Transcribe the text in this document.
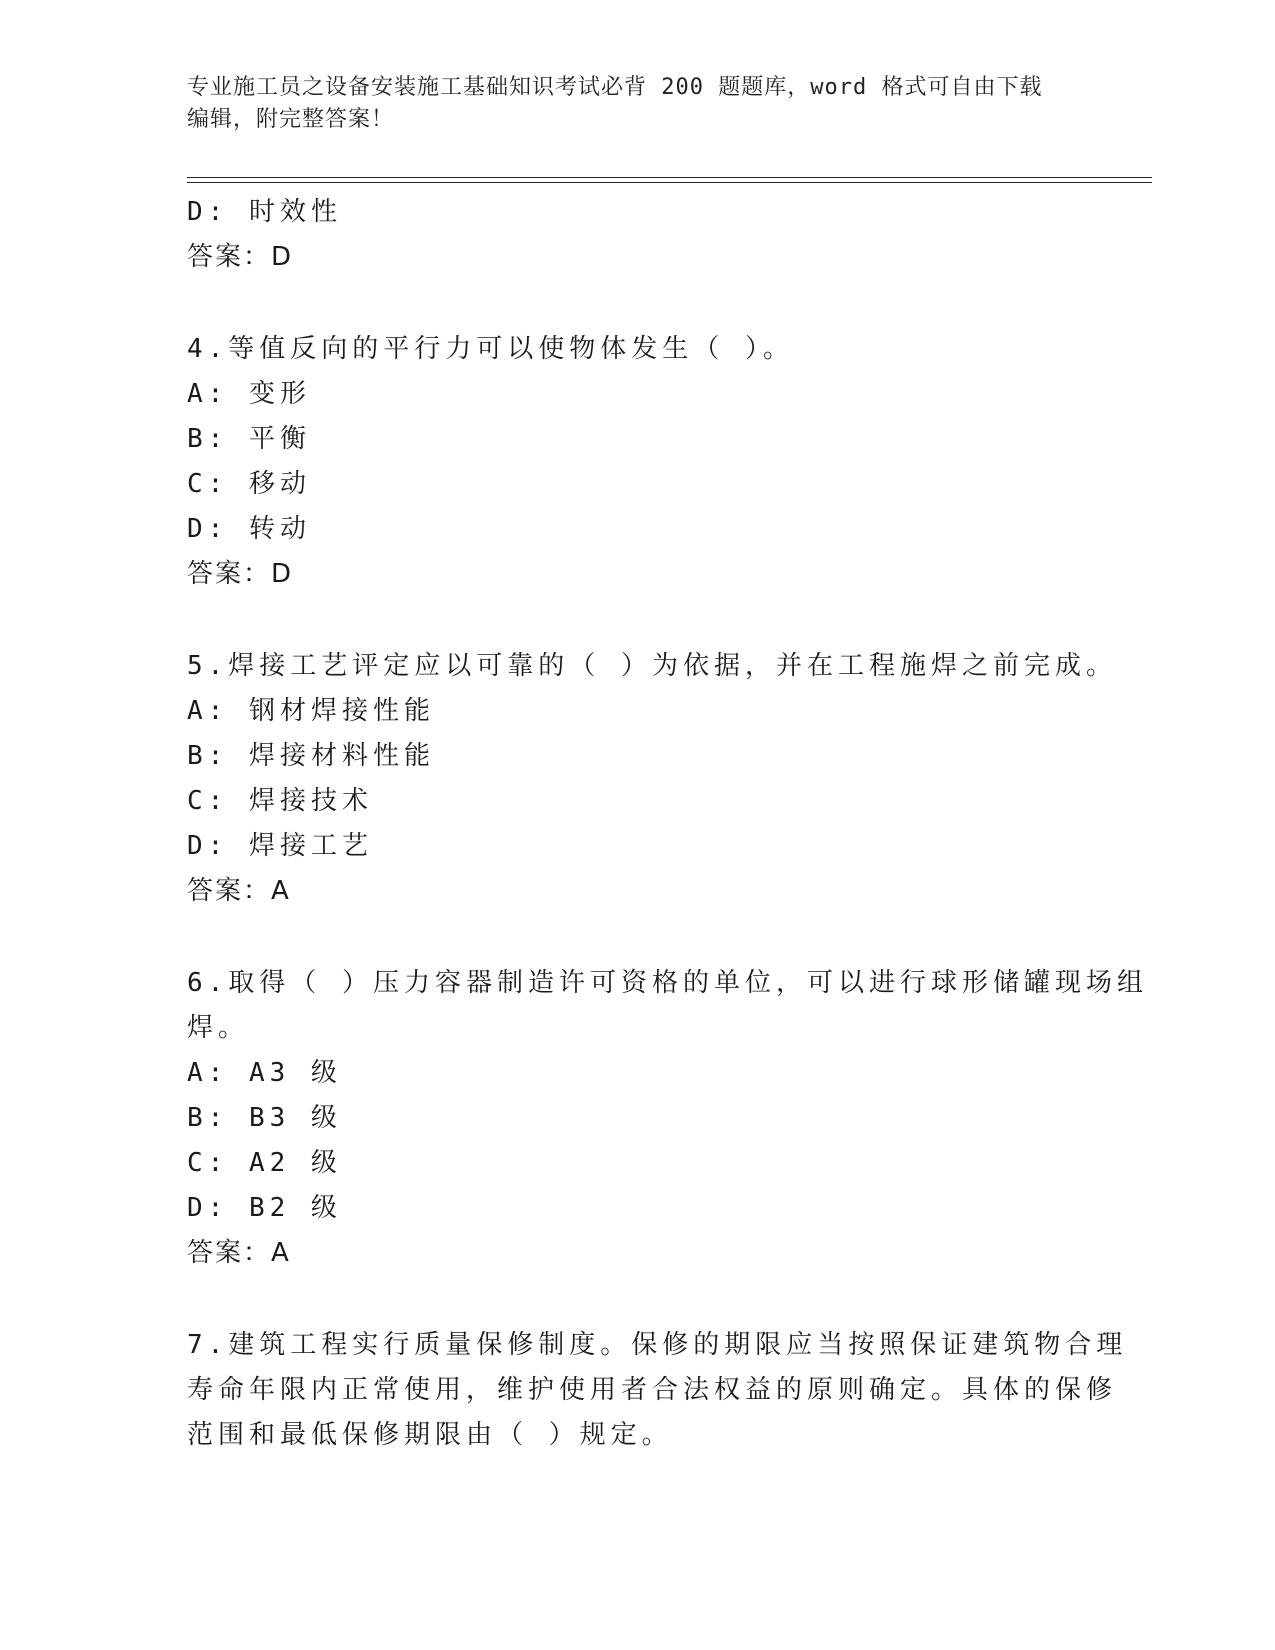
专业施工员之设备安装施工基础知识考试必背 200 题题库，word 格式可自由下载
编辑，附完整答案！
D: 时效性
答案：D
4.等值反向的平行力可以使物体发生（ ）。
A: 变形
B: 平衡
C: 移动
D: 转动
答案：D
5.焊接工艺评定应以可靠的（ ）为依据，并在工程施焊之前完成。
A: 钢材焊接性能
B: 焊接材料性能
C: 焊接技术
D: 焊接工艺
答案：A
6.取得（ ）压力容器制造许可资格的单位，可以进行球形储罐现场组
焊。
A: A3 级
B: B3 级
C: A2 级
D: B2 级
答案：A
7.建筑工程实行质量保修制度。保修的期限应当按照保证建筑物合理
寿命年限内正常使用，维护使用者合法权益的原则确定。具体的保修
范围和最低保修期限由（ ）规定。
